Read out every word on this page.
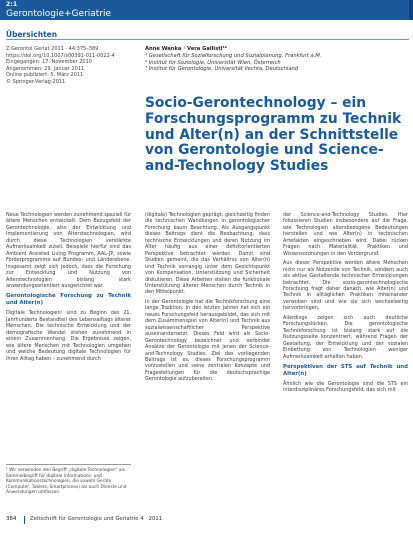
2:1
Gerontologie+Geriatrie
Übersichten
Z Gerontol Geriat 2011 · 44:375–389
https://doi.org/10.1007/s00391-011-0022-4
Eingegangen: 17. November 2010
Angenommen: 29. Januar 2011
Online publiziert: 5. März 2011
© Springer-Verlag 2011
Anne Wanka · Vera Gallistl¹²
¹ Gesellschaft für Sozialforschung und Sozialplanung, Frankfurt a.M.
² Institut für Soziologie, Universität Wien, Österreich
³ Institut für Gerontologie, Universität Vechta, Deutschland
Socio-Gerontechnology – ein Forschungsprogramm zu Technik und Alter(n) an der Schnittstelle von Gerontologie und Science-and-Technology Studies

Neue Technologien werden zunehmend speziell für ältere Menschen entwickelt. Dem Bezugsfeld der Gerontechnologie, also der Entwicklung und Implementierung von Alterstechnologien, wird durch diese Technologien verstärkte Aufmerksamkeit zuteil. Beispiele hierfür sind das Ambient Assisted Living Programm, AAL-JP, sowie Förderprogramme auf Bundes- und Länderebene. Insgesamt zeigt sich jedoch, dass die Forschung zur Entwicklung und Nutzung von Alterstechnologien bislang stark anwendungsorientiert ausgerichtet war.

Gerontologische Forschung zu Technik und Alter(n)

Digitale Technologien¹ sind zu Beginn des 21. Jahrhunderts Bestandteil des Lebensalltags älterer Menschen. Die technische Entwicklung und der demografische Wandel stehen zunehmend in einem Zusammenhang. Die Ergebnisse zeigen, wie ältere Menschen mit Technologien umgehen und welche Bedeutung digitale Technologien für ihren Alltag haben – zunehmend durch

¹ Wir verwenden den Begriff „digitale Technologien“ als Sammelbegriff für digitale Informations- und Kommunikationstechnologien, die sowohl Geräte (Computer, Tablets, Smartphones) als auch Dienste und Anwendungen umfassen.

(digitale) Technologien geprägt, gleichzeitig finden die technischen Wandlungen in gerontologischer Forschung kaum Beachtung. Als Ausgangspunkt dieses Beitrags dient die Beobachtung, dass technische Entwicklungen und deren Nutzung im Alter häufig aus einer defizitorientierten Perspektive betrachtet werden. Damit sind Studien gemeint, die das Verhältnis von Alter(n) und Technik vorrangig unter dem Gesichtspunkt von Kompensation, Unterstützung und Sicherheit diskutieren. Diese Arbeiten stellen die funktionale Unterstützung älterer Menschen durch Technik in den Mittelpunkt.

In der Gerontologie hat die Technikforschung eine lange Tradition. In den letzten Jahren hat sich ein neues Forschungsfeld herausgebildet, das sich mit dem Zusammenspiel von Alter(n) und Technik aus sozialwissenschaftlicher Perspektive auseinandersetzt. Dieses Feld wird als Socio-Gerontechnology bezeichnet und verbindet Ansätze der Gerontologie mit jenen der Science-and-Technology Studies. Ziel des vorliegenden Beitrags ist es, dieses Forschungsprogramm vorzustellen und seine zentralen Konzepte und Fragestellungen für die deutschsprachige Gerontologie aufzubereiten.

der Science-and-Technology Studies. Hier fokussieren Studien insbesondere auf die Frage, wie Technologien altersbezogene Bedeutungen herstellen und wie Alter(n) in technischen Artefakten eingeschrieben wird. Dabei rücken Fragen nach Materialität, Praktiken und Wissensordnungen in den Vordergrund.

Aus dieser Perspektive werden ältere Menschen nicht nur als Nutzende von Technik, sondern auch als aktive Gestaltende technischer Entwicklungen betrachtet. Die sozio-gerontechnologische Forschung fragt daher danach, wie Alter(n) und Technik in alltäglichen Praktiken miteinander verwoben sind und wie sie sich wechselseitig hervorbringen.

Allerdings zeigen sich auch deutliche Forschungslücken. Die gerontologische Technikforschung ist bislang stark auf die Nutzungsseite konzentriert, während Fragen der Gestaltung, der Entwicklung und der sozialen Einbettung von Technologien weniger Aufmerksamkeit erhalten haben.

Perspektiven der STS auf Technik und Alter(n)

Ähnlich wie die Gerontologie sind die STS ein interdisziplinäres Forschungsfeld, das sich mit

384	Zeitschrift für Gerontologie und Geriatrie 4 · 2011
